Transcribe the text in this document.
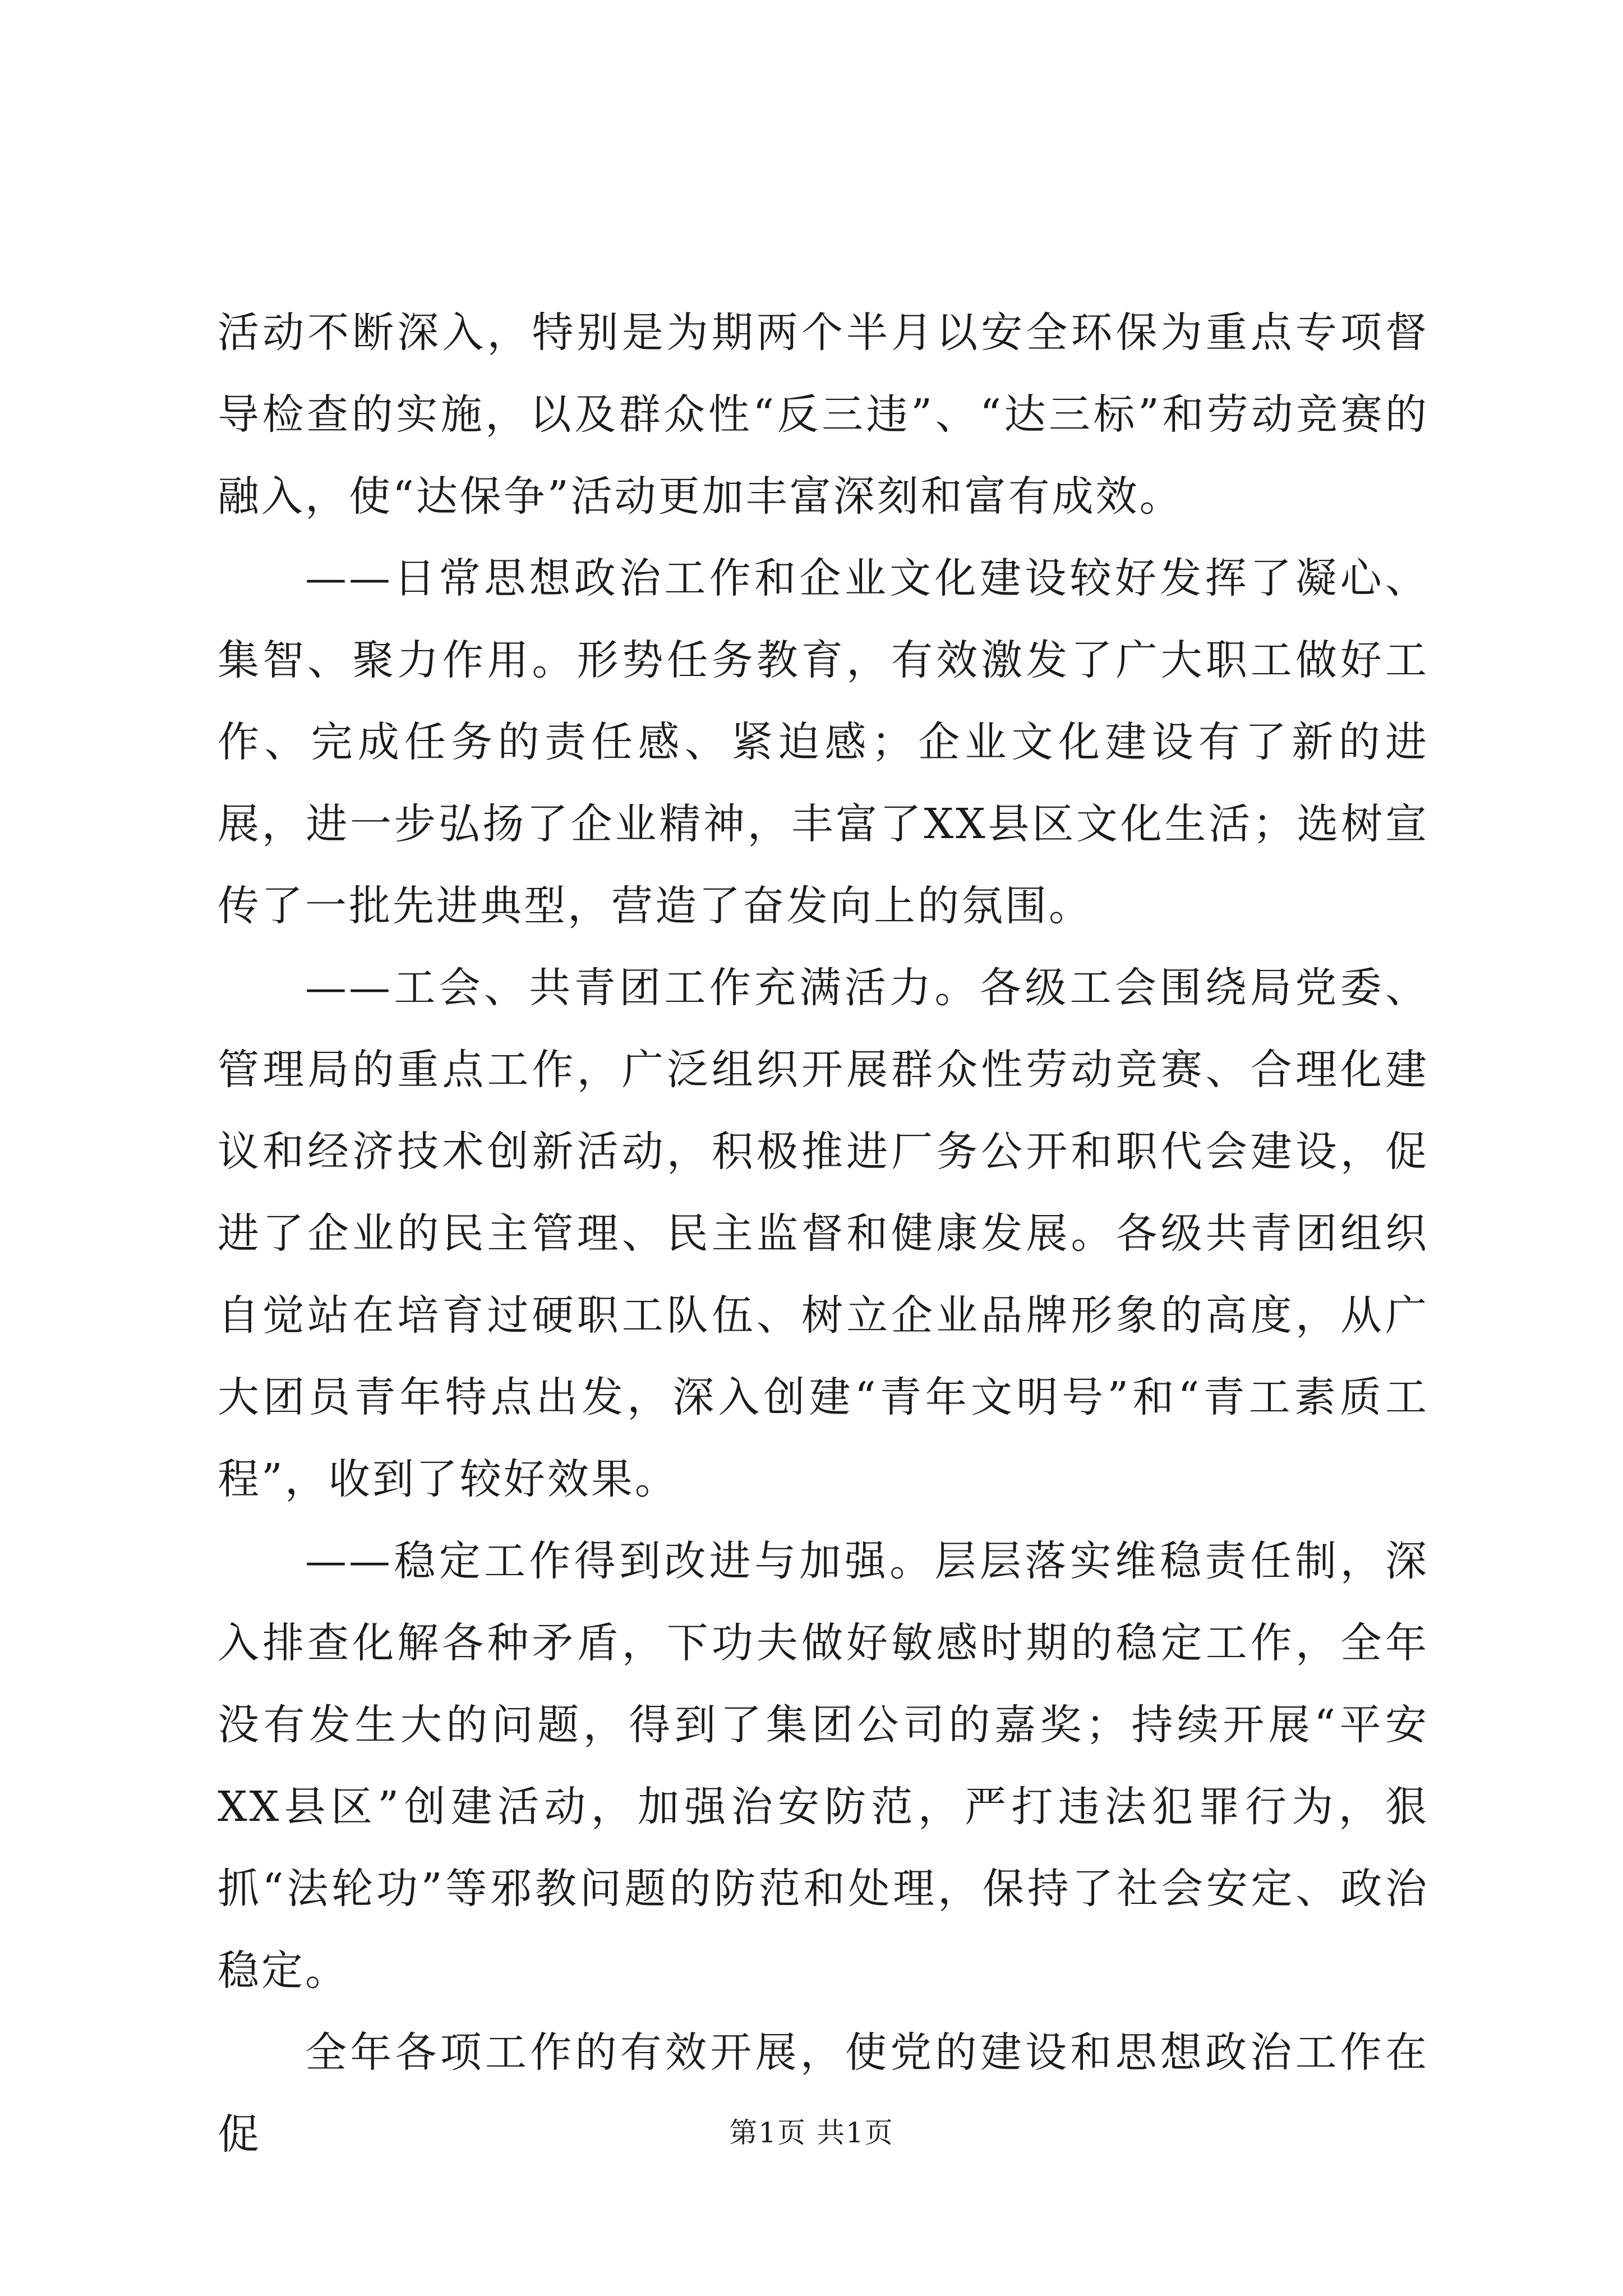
活动不断深入，特别是为期两个半月以安全环保为重点专项督导检查的实施，以及群众性“反三违”、“达三标”和劳动竞赛的融入，使“达保争”活动更加丰富深刻和富有成效。

——日常思想政治工作和企业文化建设较好发挥了凝心、集智、聚力作用。形势任务教育，有效激发了广大职工做好工作、完成任务的责任感、紧迫感；企业文化建设有了新的进展，进一步弘扬了企业精神，丰富了XX县区文化生活；选树宣传了一批先进典型，营造了奋发向上的氛围。

——工会、共青团工作充满活力。各级工会围绕局党委、管理局的重点工作，广泛组织开展群众性劳动竞赛、合理化建议和经济技术创新活动，积极推进厂务公开和职代会建设，促进了企业的民主管理、民主监督和健康发展。各级共青团组织自觉站在培育过硬职工队伍、树立企业品牌形象的高度，从广大团员青年特点出发，深入创建“青年文明号”和“青工素质工程”，收到了较好效果。

——稳定工作得到改进与加强。层层落实维稳责任制，深入排查化解各种矛盾，下功夫做好敏感时期的稳定工作，全年没有发生大的问题，得到了集团公司的嘉奖；持续开展“平安XX县区”创建活动，加强治安防范，严打违法犯罪行为，狠抓“法轮功”等邪教问题的防范和处理，保持了社会安定、政治稳定。

全年各项工作的有效开展，使党的建设和思想政治工作在促	第1页 共1页
